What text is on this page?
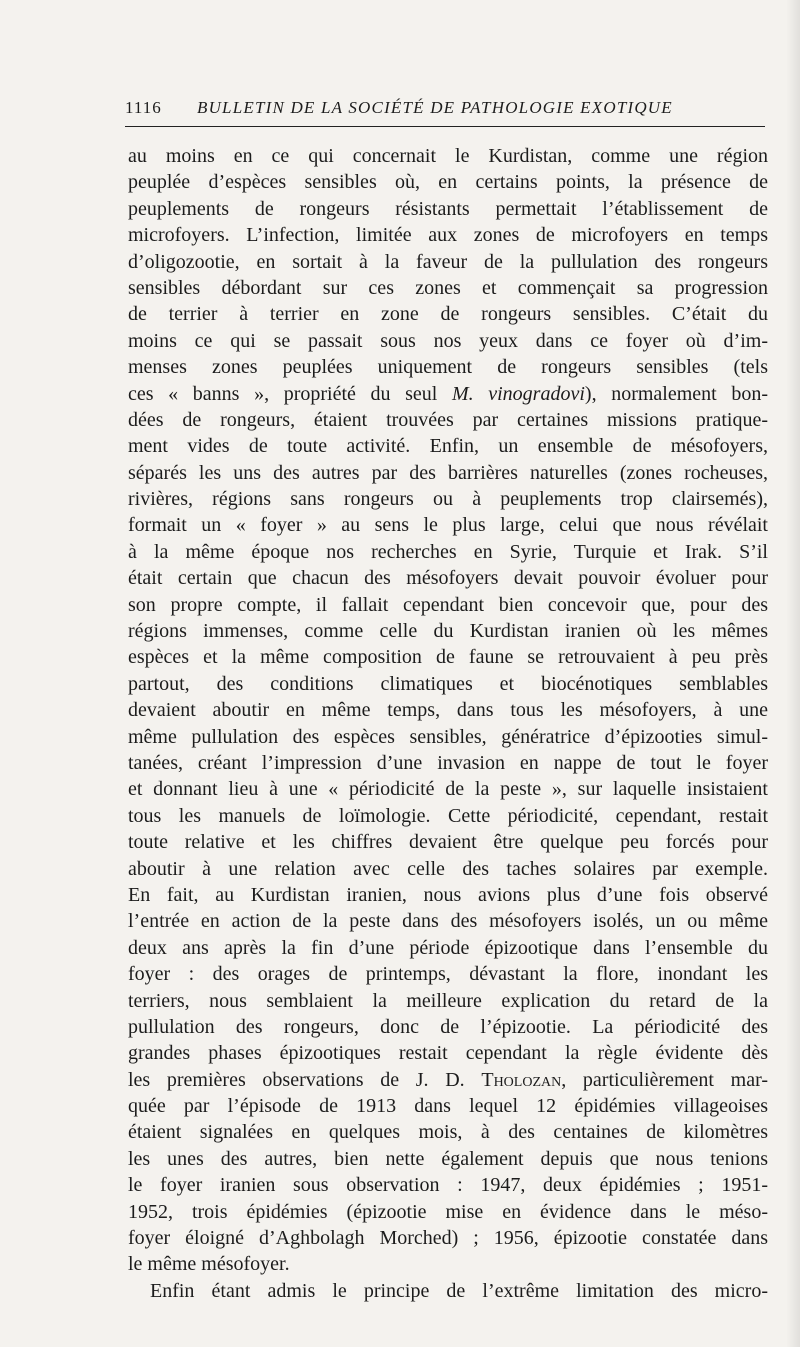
1116 BULLETIN DE LA SOCIÉTÉ DE PATHOLOGIE EXOTIQUE
au moins en ce qui concernait le Kurdistan, comme une région
peuplée d’espèces sensibles où, en certains points, la présence de
peuplements de rongeurs résistants permettait l’établissement de
microfoyers. L’infection, limitée aux zones de microfoyers en temps
d’oligozootie, en sortait à la faveur de la pullulation des rongeurs
sensibles débordant sur ces zones et commençait sa progression
de terrier à terrier en zone de rongeurs sensibles. C’était du
moins ce qui se passait sous nos yeux dans ce foyer où d’im-
menses zones peuplées uniquement de rongeurs sensibles (tels
ces « banns », propriété du seul M. vinogradovi), normalement bon-
dées de rongeurs, étaient trouvées par certaines missions pratique-
ment vides de toute activité. Enfin, un ensemble de mésofoyers,
séparés les uns des autres par des barrières naturelles (zones rocheuses,
rivières, régions sans rongeurs ou à peuplements trop clairsemés),
formait un « foyer » au sens le plus large, celui que nous révélait
à la même époque nos recherches en Syrie, Turquie et Irak. S’il
était certain que chacun des mésofoyers devait pouvoir évoluer pour
son propre compte, il fallait cependant bien concevoir que, pour des
régions immenses, comme celle du Kurdistan iranien où les mêmes
espèces et la même composition de faune se retrouvaient à peu près
partout, des conditions climatiques et biocénotiques semblables
devaient aboutir en même temps, dans tous les mésofoyers, à une
même pullulation des espèces sensibles, génératrice d’épizooties simul-
tanées, créant l’impression d’une invasion en nappe de tout le foyer
et donnant lieu à une « périodicité de la peste », sur laquelle insistaient
tous les manuels de loïmologie. Cette périodicité, cependant, restait
toute relative et les chiffres devaient être quelque peu forcés pour
aboutir à une relation avec celle des taches solaires par exemple.
En fait, au Kurdistan iranien, nous avions plus d’une fois observé
l’entrée en action de la peste dans des mésofoyers isolés, un ou même
deux ans après la fin d’une période épizootique dans l’ensemble du
foyer : des orages de printemps, dévastant la flore, inondant les
terriers, nous semblaient la meilleure explication du retard de la
pullulation des rongeurs, donc de l’épizootie. La périodicité des
grandes phases épizootiques restait cependant la règle évidente dès
les premières observations de J. D. Tholozan, particulièrement mar-
quée par l’épisode de 1913 dans lequel 12 épidémies villageoises
étaient signalées en quelques mois, à des centaines de kilomètres
les unes des autres, bien nette également depuis que nous tenions
le foyer iranien sous observation : 1947, deux épidémies ; 1951-
1952, trois épidémies (épizootie mise en évidence dans le méso-
foyer éloigné d’Aghbolagh Morched) ; 1956, épizootie constatée dans
le même mésofoyer.
Enfin étant admis le principe de l’extrême limitation des micro-
